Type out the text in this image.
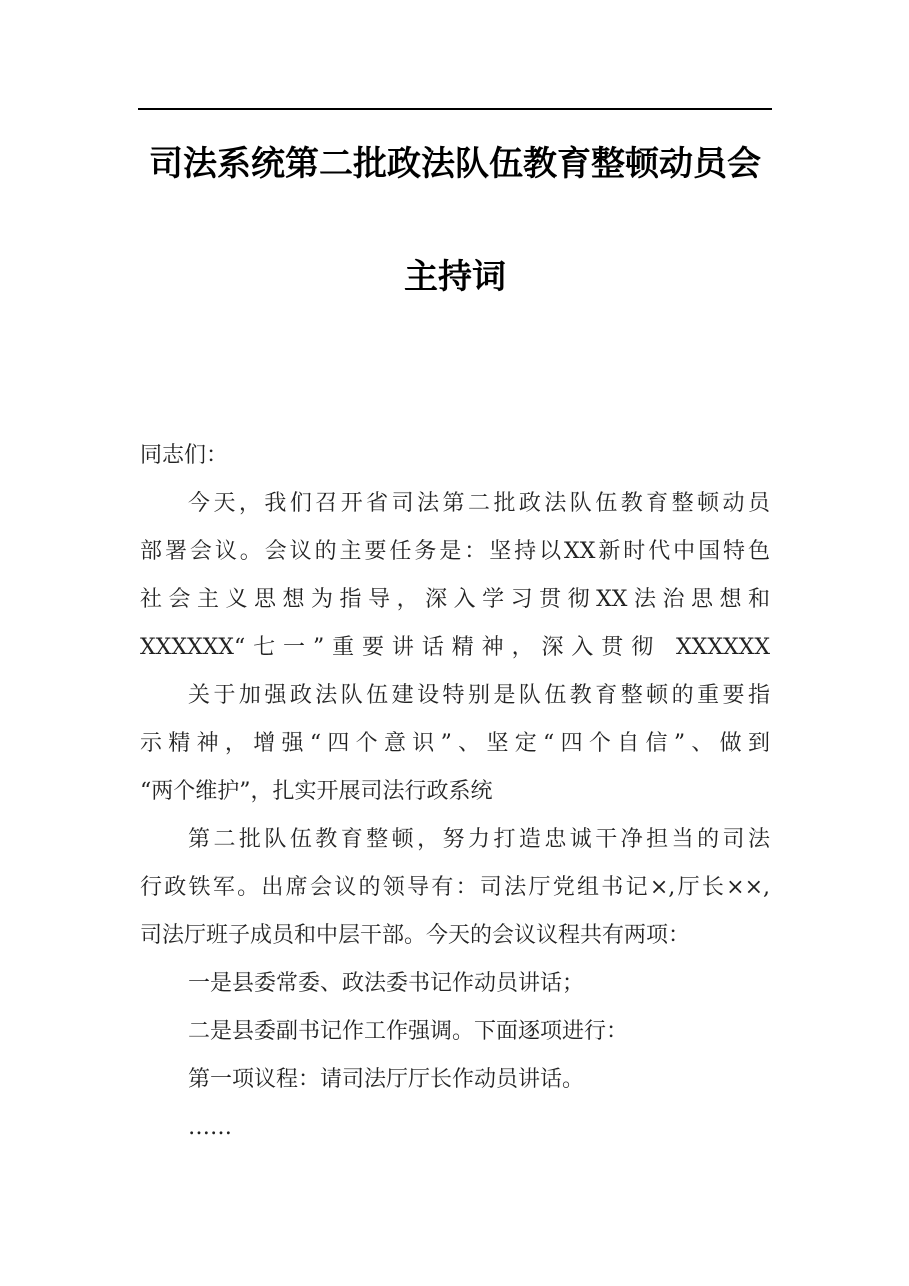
司法系统第二批政法队伍教育整顿动员会
主持词
同志们：
今天，我们召开省司法第二批政法队伍教育整顿动员
部署会议。会议的主要任务是：坚持以XX新时代中国特色
社会主义思想为指导，深入学习贯彻XX法治思想和
XXXXXX“七一”重要讲话精神，深入贯彻 XXXXXX
关于加强政法队伍建设特别是队伍教育整顿的重要指
示精神，增强“四个意识”、坚定“四个自信”、做到
“两个维护”，扎实开展司法行政系统
第二批队伍教育整顿，努力打造忠诚干净担当的司法
行政铁军。出席会议的领导有：司法厅党组书记×,厅长××,
司法厅班子成员和中层干部。今天的会议议程共有两项：
一是县委常委、政法委书记作动员讲话；
二是县委副书记作工作强调。下面逐项进行：
第一项议程：请司法厅厅长作动员讲话。
……
